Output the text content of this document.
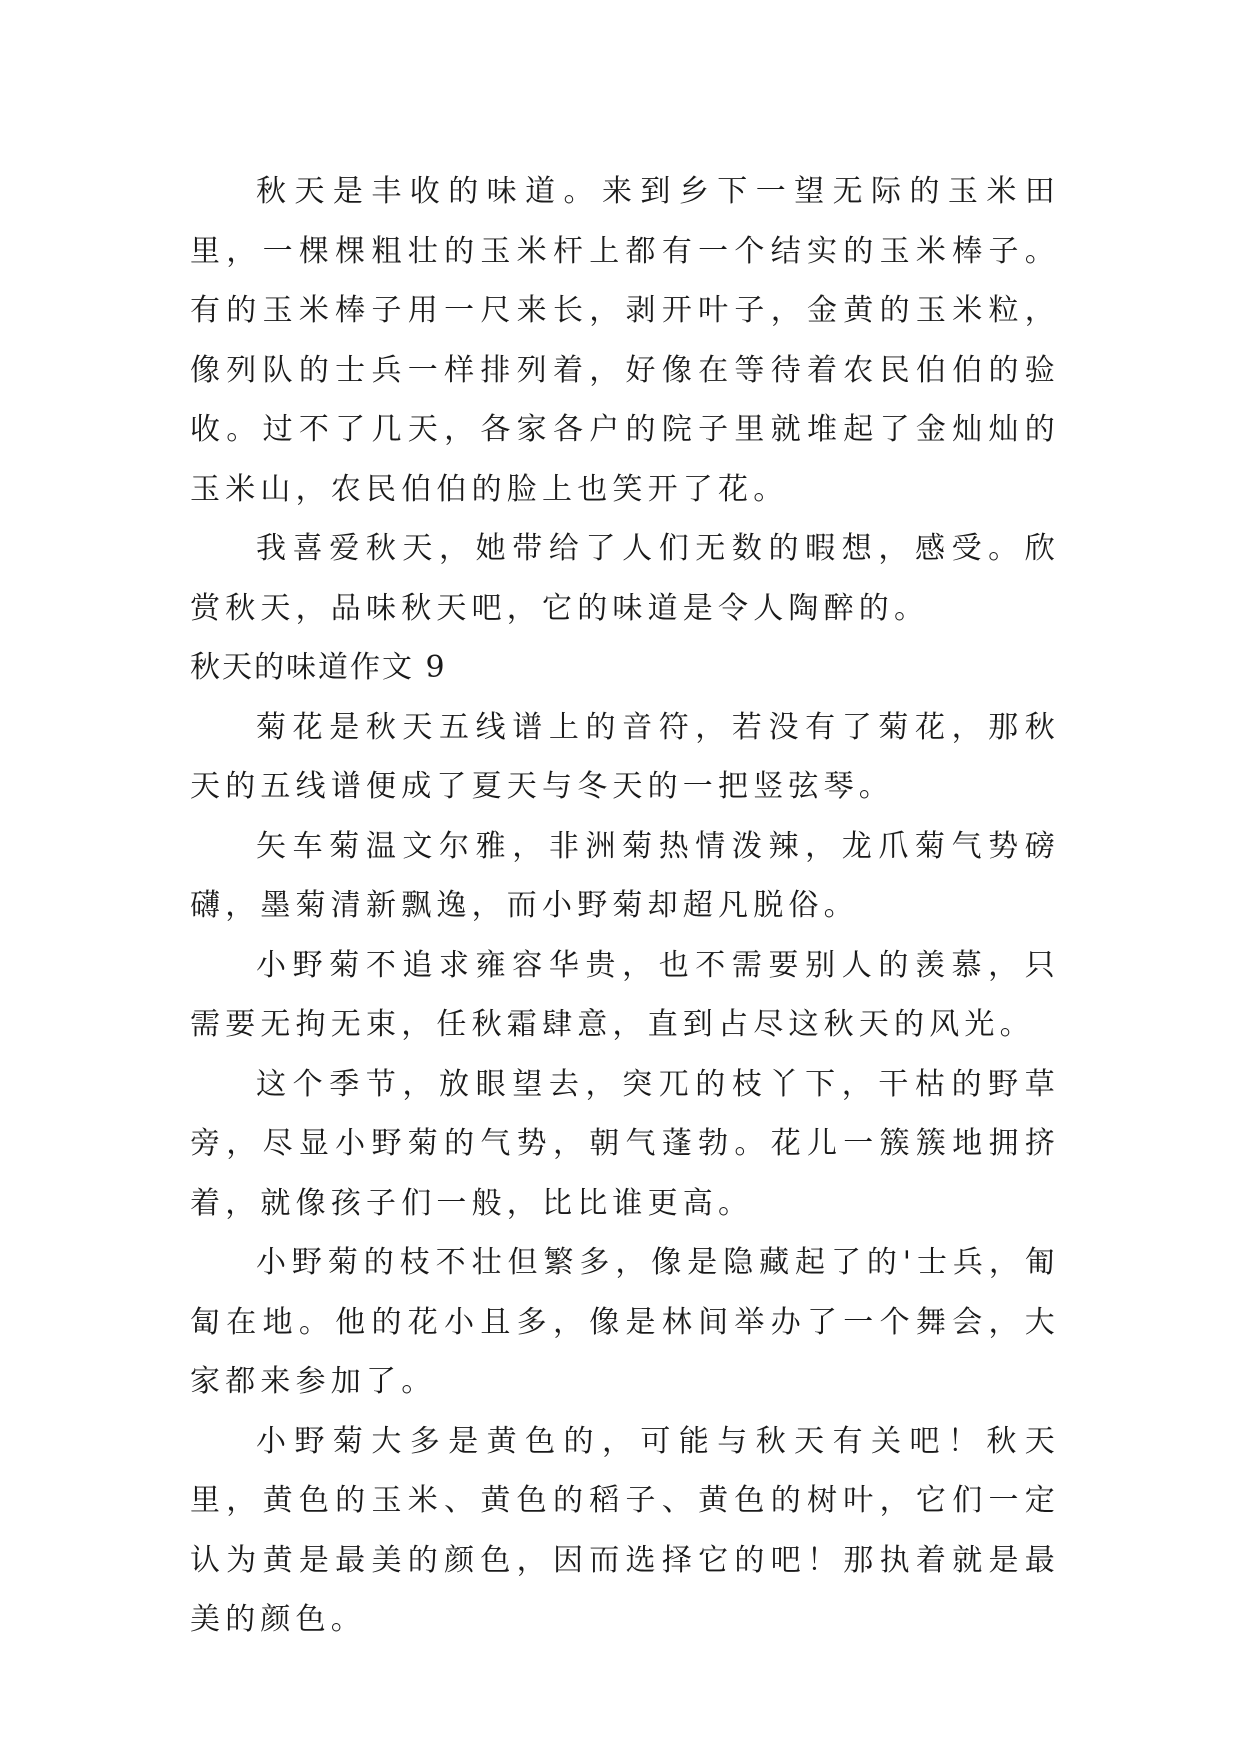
秋天是丰收的味道。来到乡下一望无际的玉米田里，一棵棵粗壮的玉米杆上都有一个结实的玉米棒子。有的玉米棒子用一尺来长，剥开叶子，金黄的玉米粒，像列队的士兵一样排列着，好像在等待着农民伯伯的验收。过不了几天，各家各户的院子里就堆起了金灿灿的玉米山，农民伯伯的脸上也笑开了花。

我喜爱秋天，她带给了人们无数的暇想，感受。欣赏秋天，品味秋天吧，它的味道是令人陶醉的。

秋天的味道作文 9

菊花是秋天五线谱上的音符，若没有了菊花，那秋天的五线谱便成了夏天与冬天的一把竖弦琴。

矢车菊温文尔雅，非洲菊热情泼辣，龙爪菊气势磅礴，墨菊清新飘逸，而小野菊却超凡脱俗。

小野菊不追求雍容华贵，也不需要别人的羡慕，只需要无拘无束，任秋霜肆意，直到占尽这秋天的风光。

这个季节，放眼望去，突兀的枝丫下，干枯的野草旁，尽显小野菊的气势，朝气蓬勃。花儿一簇簇地拥挤着，就像孩子们一般，比比谁更高。

小野菊的枝不壮但繁多，像是隐藏起了的'士兵，匍匐在地。他的花小且多，像是林间举办了一个舞会，大家都来参加了。

小野菊大多是黄色的，可能与秋天有关吧！秋天里，黄色的玉米、黄色的稻子、黄色的树叶，它们一定认为黄是最美的颜色，因而选择它的吧！那执着就是最美的颜色。
